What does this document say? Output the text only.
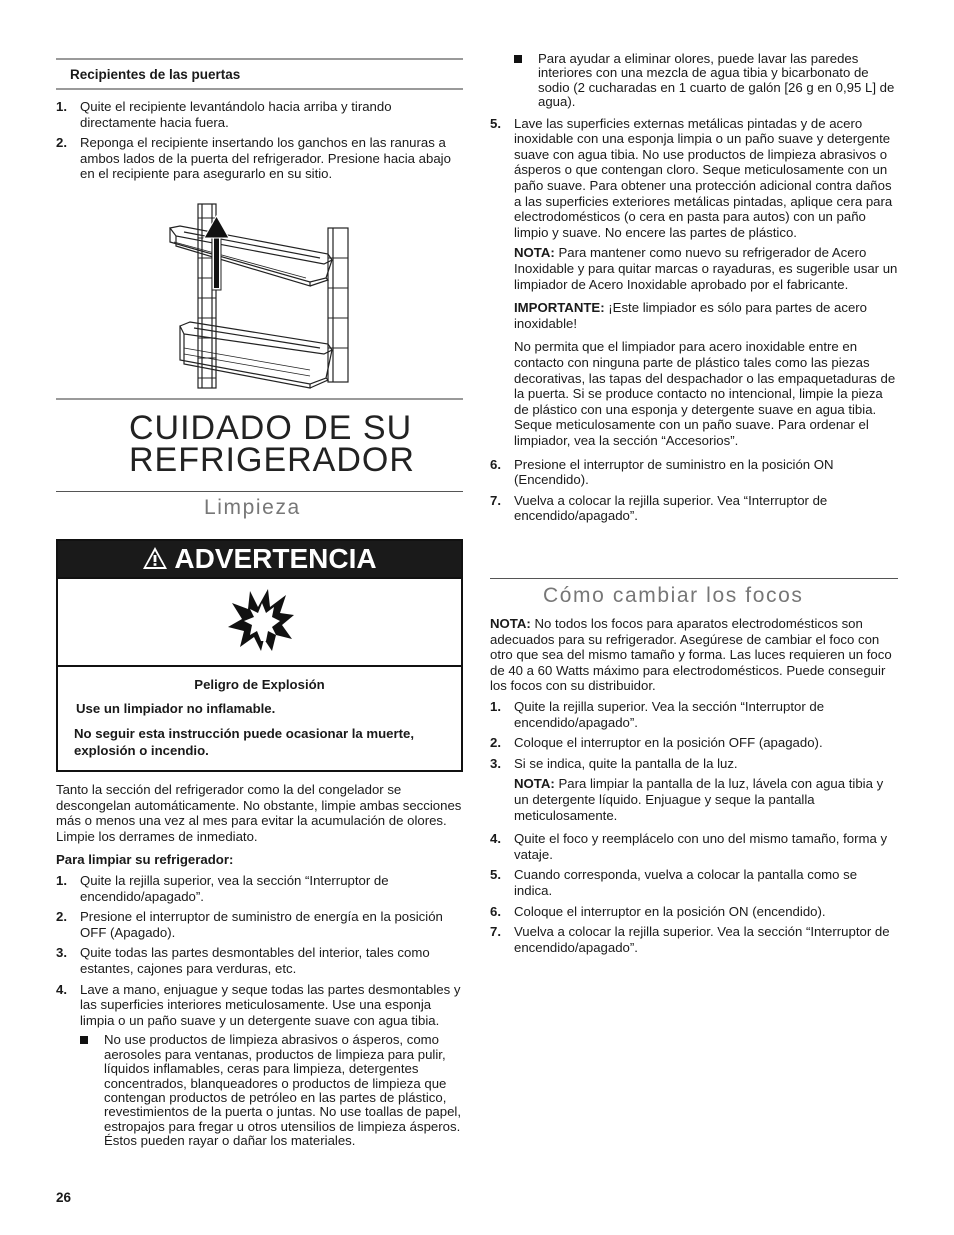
Recipientes de las puertas
1. Quite el recipiente levantándolo hacia arriba y tirando directamente hacia fuera.
2. Reponga el recipiente insertando los ganchos en las ranuras a ambos lados de la puerta del refrigerador. Presione hacia abajo en el recipiente para asegurarlo en su sitio.
CUIDADO DE SU
REFRIGERADOR
Limpieza
ADVERTENCIA
Peligro de Explosión
Use un limpiador no inflamable.
No seguir esta instrucción puede ocasionar la muerte, explosión o incendio.

Tanto la sección del refrigerador como la del congelador se descongelan automáticamente. No obstante, limpie ambas secciones más o menos una vez al mes para evitar la acumulación de olores. Limpie los derrames de inmediato.

Para limpiar su refrigerador:

1. Quite la rejilla superior, vea la sección “Interruptor de encendido/apagado”.
2. Presione el interruptor de suministro de energía en la posición OFF (Apagado).
3. Quite todas las partes desmontables del interior, tales como estantes, cajones para verduras, etc.
4. Lave a mano, enjuague y seque todas las partes desmontables y las superficies interiores meticulosamente. Use una esponja limpia o un paño suave y un detergente suave con agua tibia.
No use productos de limpieza abrasivos o ásperos, como aerosoles para ventanas, productos de limpieza para pulir, líquidos inflamables, ceras para limpieza, detergentes concentrados, blanqueadores o productos de limpieza que contengan productos de petróleo en las partes de plástico, revestimientos de la puerta o juntas. No use toallas de papel, estropajos para fregar u otros utensilios de limpieza ásperos. Éstos pueden rayar o dañar los materiales.
26
Para ayudar a eliminar olores, puede lavar las paredes interiores con una mezcla de agua tibia y bicarbonato de sodio (2 cucharadas en 1 cuarto de galón [26 g en 0,95 L] de agua).
5. Lave las superficies externas metálicas pintadas y de acero inoxidable con una esponja limpia o un paño suave y detergente suave con agua tibia. No use productos de limpieza abrasivos o ásperos o que contengan cloro. Seque meticulosamente con un paño suave. Para obtener una protección adicional contra daños a las superficies exteriores metálicas pintadas, aplique cera para electrodomésticos (o cera en pasta para autos) con un paño limpio y suave. No encere las partes de plástico.

NOTA: Para mantener como nuevo su refrigerador de Acero Inoxidable y para quitar marcas o rayaduras, es sugerible usar un limpiador de Acero Inoxidable aprobado por el fabricante.

IMPORTANTE: ¡Este limpiador es sólo para partes de acero inoxidable!

No permita que el limpiador para acero inoxidable entre en contacto con ninguna parte de plástico tales como las piezas decorativas, las tapas del despachador o las empaquetaduras de la puerta. Si se produce contacto no intencional, limpie la pieza de plástico con una esponja y detergente suave en agua tibia. Seque meticulosamente con un paño suave. Para ordenar el limpiador, vea la sección “Accesorios”.

6. Presione el interruptor de suministro en la posición ON (Encendido).
7. Vuelva a colocar la rejilla superior. Vea “Interruptor de encendido/apagado”.
Cómo cambiar los focos

NOTA: No todos los focos para aparatos electrodomésticos son adecuados para su refrigerador. Asegúrese de cambiar el foco con otro que sea del mismo tamaño y forma. Las luces requieren un foco de 40 a 60 Watts máximo para electrodomésticos. Puede conseguir los focos con su distribuidor.

1. Quite la rejilla superior. Vea la sección “Interruptor de encendido/apagado”.
2. Coloque el interruptor en la posición OFF (apagado).
3. Si se indica, quite la pantalla de la luz.

NOTA: Para limpiar la pantalla de la luz, lávela con agua tibia y un detergente líquido. Enjuague y seque la pantalla meticulosamente.

4. Quite el foco y reemplácelo con uno del mismo tamaño, forma y vataje.
5. Cuando corresponda, vuelva a colocar la pantalla como se indica.
6. Coloque el interruptor en la posición ON (encendido).
7. Vuelva a colocar la rejilla superior. Vea la sección “Interruptor de encendido/apagado”.
